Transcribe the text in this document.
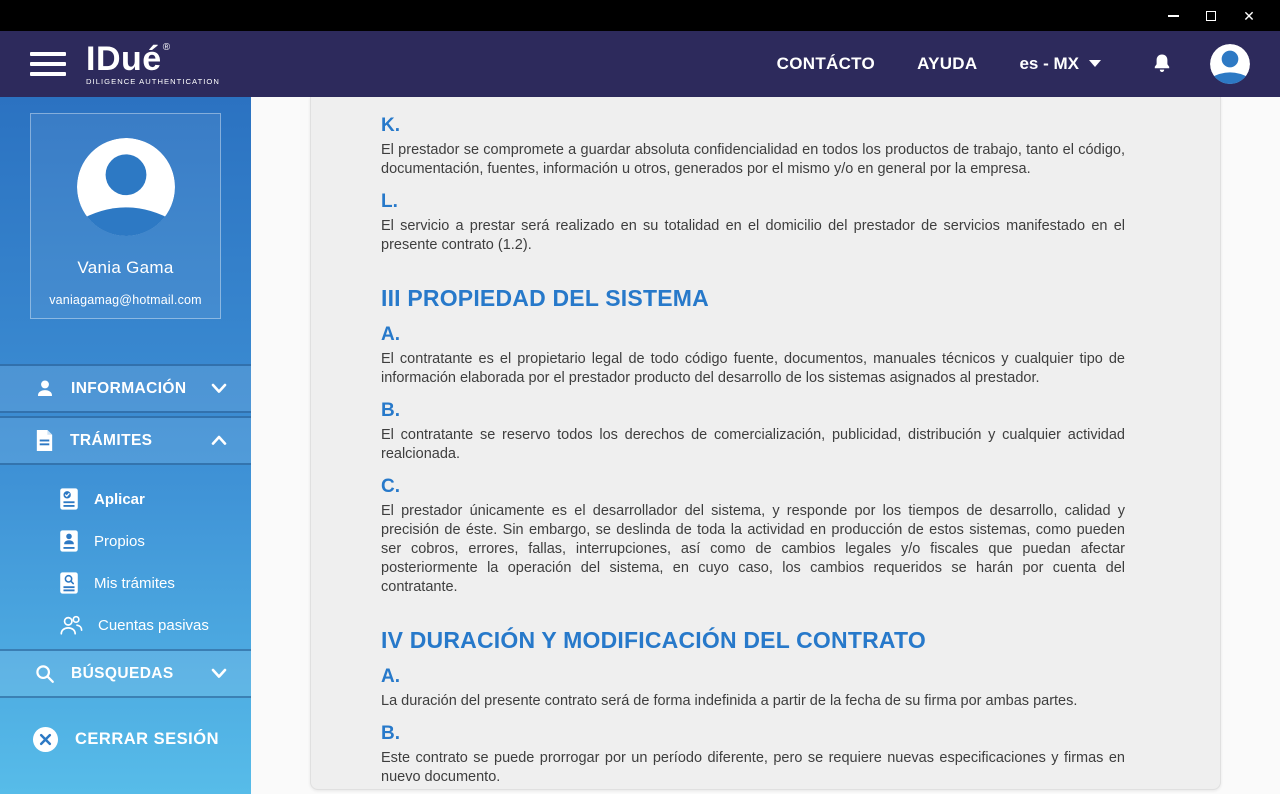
✕
IDué ®
DILIGENCE AUTHENTICATION
CONTÁCTO AYUDA es - MX
Vania Gama
vaniagamag@hotmail.com
INFORMACIÓN
TRÁMITES
Aplicar
Propios
Mis trámites
Cuentas pasivas
BÚSQUEDAS
CERRAR SESIÓN
K.

El prestador se compromete a guardar absoluta confidencialidad en todos los productos de trabajo, tanto el código, documentación, fuentes, información u otros, generados por el mismo y/o en general por la empresa.

L.

El servicio a prestar será realizado en su totalidad en el domicilio del prestador de servicios manifestado en el presente contrato (1.2).

III PROPIEDAD DEL SISTEMA
A.

El contratante es el propietario legal de todo código fuente, documentos, manuales técnicos y cualquier tipo de información elaborada por el prestador producto del desarrollo de los sistemas asignados al prestador.

B.

El contratante se reservo todos los derechos de comercialización, publicidad, distribución y cualquier actividad realcionada.

C.

El prestador únicamente es el desarrollador del sistema, y responde por los tiempos de desarrollo, calidad y precisión de éste. Sin embargo, se deslinda de toda la actividad en producción de estos sistemas, como pueden ser cobros, errores, fallas, interrupciones, así como de cambios legales y/o fiscales que puedan afectar posteriormente la operación del sistema, en cuyo caso, los cambios requeridos se harán por cuenta del contratante.

IV DURACIÓN Y MODIFICACIÓN DEL CONTRATO
A.

La duración del presente contrato será de forma indefinida a partir de la fecha de su firma por ambas partes.

B.

Este contrato se puede prorrogar por un período diferente, pero se requiere nuevas especificaciones y firmas en nuevo documento.
